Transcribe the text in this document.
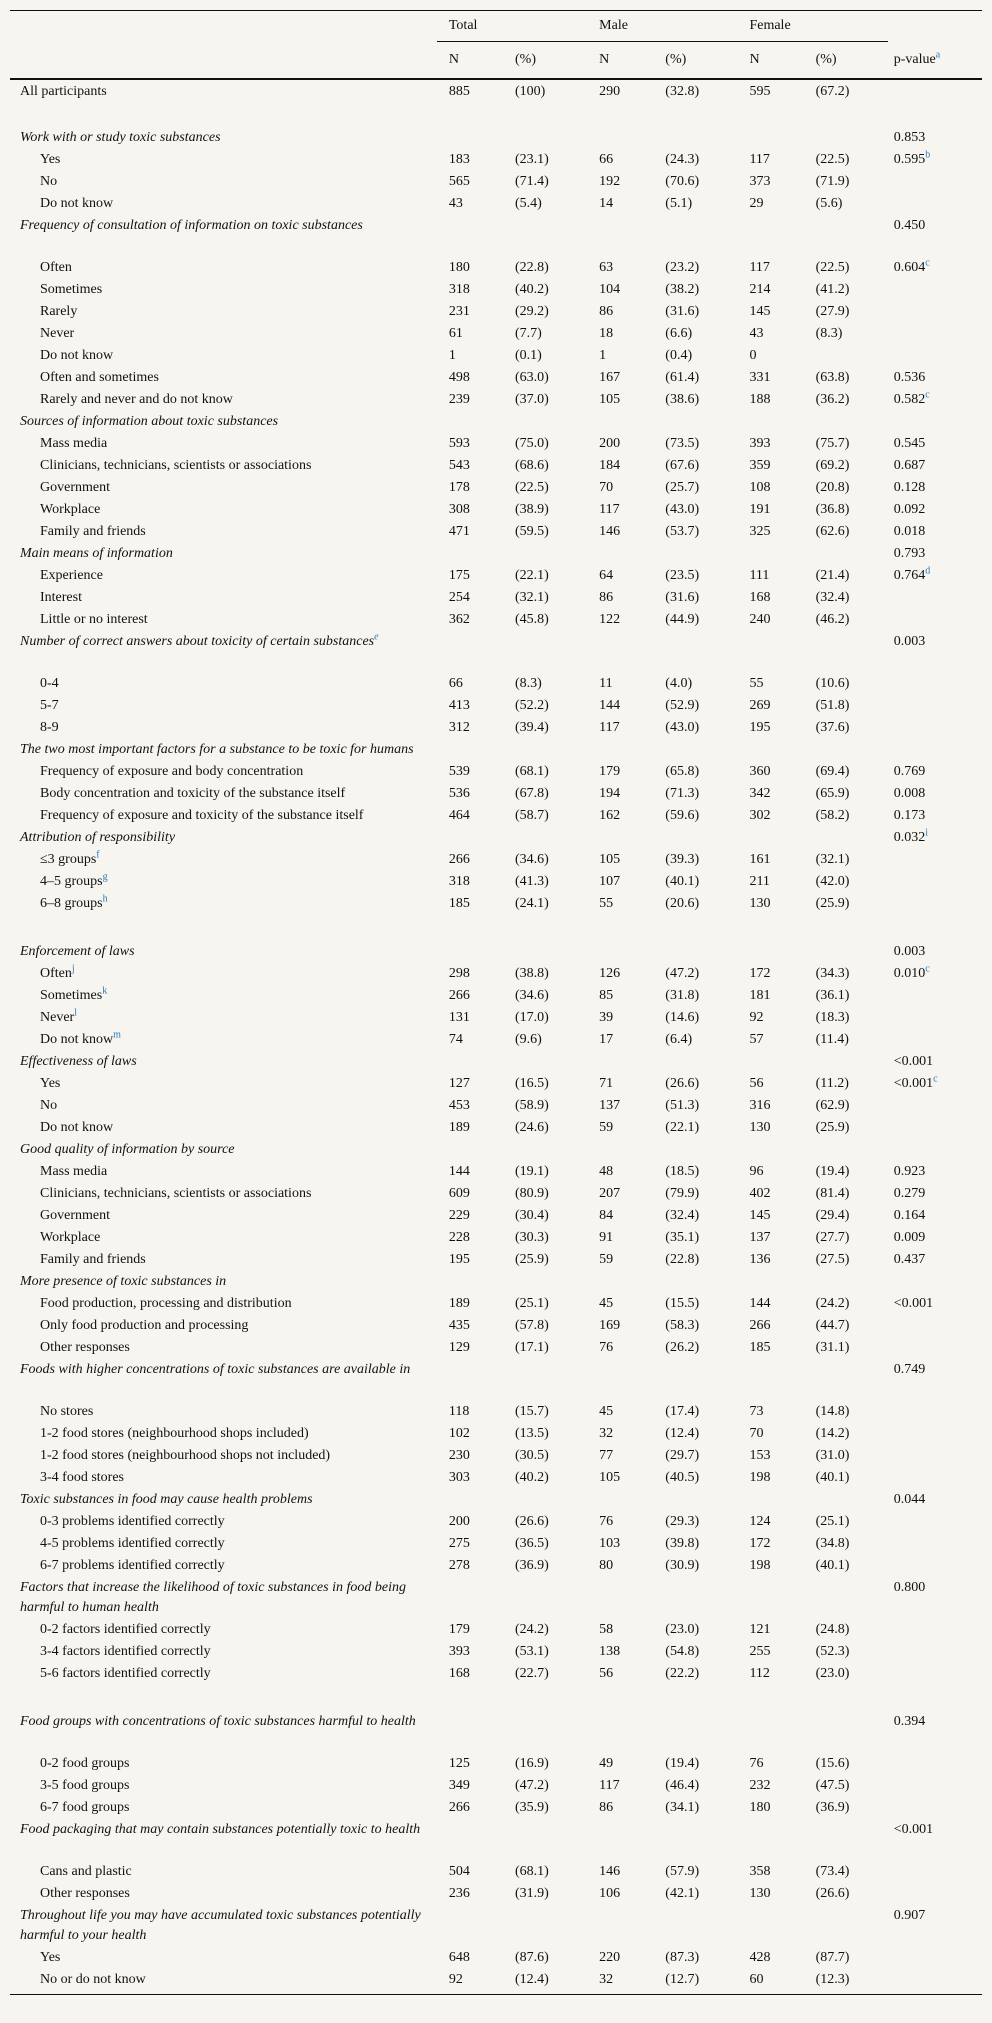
	Total		Male		Female		
	N	(%)	N	(%)	N	(%)	p-value$^a$
All participants	885	(100)	290	(32.8)	595	(67.2)	

Work with or study toxic substances							0.853
Yes	183	(23.1)	66	(24.3)	117	(22.5)	0.595$^b$
No	565	(71.4)	192	(70.6)	373	(71.9)	
Do not know	43	(5.4)	14	(5.1)	29	(5.6)	
Frequency of consultation of information on toxic substances							0.450
Often	180	(22.8)	63	(23.2)	117	(22.5)	0.604$^c$
Sometimes	318	(40.2)	104	(38.2)	214	(41.2)	
Rarely	231	(29.2)	86	(31.6)	145	(27.9)	
Never	61	(7.7)	18	(6.6)	43	(8.3)	
Do not know	1	(0.1)	1	(0.4)	0		
Often and sometimes	498	(63.0)	167	(61.4)	331	(63.8)	0.536
Rarely and never and do not know	239	(37.0)	105	(38.6)	188	(36.2)	0.582$^c$
Sources of information about toxic substances							
Mass media	593	(75.0)	200	(73.5)	393	(75.7)	0.545
Clinicians, technicians, scientists or associations	543	(68.6)	184	(67.6)	359	(69.2)	0.687
Government	178	(22.5)	70	(25.7)	108	(20.8)	0.128
Workplace	308	(38.9)	117	(43.0)	191	(36.8)	0.092
Family and friends	471	(59.5)	146	(53.7)	325	(62.6)	0.018
Main means of information							0.793
Experience	175	(22.1)	64	(23.5)	111	(21.4)	0.764$^d$
Interest	254	(32.1)	86	(31.6)	168	(32.4)	
Little or no interest	362	(45.8)	122	(44.9)	240	(46.2)	
Number of correct answers about toxicity of certain substances$^e$							0.003
0-4	66	(8.3)	11	(4.0)	55	(10.6)	
5-7	413	(52.2)	144	(52.9)	269	(51.8)	
8-9	312	(39.4)	117	(43.0)	195	(37.6)	
The two most important factors for a substance to be toxic for humans							
Frequency of exposure and body concentration	539	(68.1)	179	(65.8)	360	(69.4)	0.769
Body concentration and toxicity of the substance itself	536	(67.8)	194	(71.3)	342	(65.9)	0.008
Frequency of exposure and toxicity of the substance itself	464	(58.7)	162	(59.6)	302	(58.2)	0.173
Attribution of responsibility							$0.032^i$
≤3 groups$^f$	266	(34.6)	105	(39.3)	161	(32.1)	
4–5 groups$^g$	318	(41.3)	107	(40.1)	211	(42.0)	
6–8 groups$^h$	185	(24.1)	55	(20.6)	130	(25.9)	

Enforcement of laws							0.003
Often$^j$	298	(38.8)	126	(47.2)	172	(34.3)	0.010$^c$
Sometimes$^k$	266	(34.6)	85	(31.8)	181	(36.1)	
Never$^l$	131	(17.0)	39	(14.6)	92	(18.3)	
Do not know$^m$	74	(9.6)	17	(6.4)	57	(11.4)	
Effectiveness of laws							<0.001
Yes	127	(16.5)	71	(26.6)	56	(11.2)	<0.001$^c$
No	453	(58.9)	137	(51.3)	316	(62.9)	
Do not know	189	(24.6)	59	(22.1)	130	(25.9)	
Good quality of information by source							
Mass media	144	(19.1)	48	(18.5)	96	(19.4)	0.923
Clinicians, technicians, scientists or associations	609	(80.9)	207	(79.9)	402	(81.4)	0.279
Government	229	(30.4)	84	(32.4)	145	(29.4)	0.164
Workplace	228	(30.3)	91	(35.1)	137	(27.7)	0.009
Family and friends	195	(25.9)	59	(22.8)	136	(27.5)	0.437
More presence of toxic substances in							
Food production, processing and distribution	189	(25.1)	45	(15.5)	144	(24.2)	<0.001
Only food production and processing	435	(57.8)	169	(58.3)	266	(44.7)	
Other responses	129	(17.1)	76	(26.2)	185	(31.1)	
Foods with higher concentrations of toxic substances are available in							0.749
No stores	118	(15.7)	45	(17.4)	73	(14.8)	
1-2 food stores (neighbourhood shops included)	102	(13.5)	32	(12.4)	70	(14.2)	
1-2 food stores (neighbourhood shops not included)	230	(30.5)	77	(29.7)	153	(31.0)	
3-4 food stores	303	(40.2)	105	(40.5)	198	(40.1)	
Toxic substances in food may cause health problems							0.044
0-3 problems identified correctly	200	(26.6)	76	(29.3)	124	(25.1)	
4-5 problems identified correctly	275	(36.5)	103	(39.8)	172	(34.8)	
6-7 problems identified correctly	278	(36.9)	80	(30.9)	198	(40.1)	
Factors that increase the likelihood of toxic substances in food being harmful to human health							0.800
0-2 factors identified correctly	179	(24.2)	58	(23.0)	121	(24.8)	
3-4 factors identified correctly	393	(53.1)	138	(54.8)	255	(52.3)	
5-6 factors identified correctly	168	(22.7)	56	(22.2)	112	(23.0)	

Food groups with concentrations of toxic substances harmful to health							0.394
0-2 food groups	125	(16.9)	49	(19.4)	76	(15.6)	
3-5 food groups	349	(47.2)	117	(46.4)	232	(47.5)	
6-7 food groups	266	(35.9)	86	(34.1)	180	(36.9)	
Food packaging that may contain substances potentially toxic to health							<0.001
Cans and plastic	504	(68.1)	146	(57.9)	358	(73.4)	
Other responses	236	(31.9)	106	(42.1)	130	(26.6)	
Throughout life you may have accumulated toxic substances potentially harmful to your health							0.907
Yes	648	(87.6)	220	(87.3)	428	(87.7)	
No or do not know	92	(12.4)	32	(12.7)	60	(12.3)	
